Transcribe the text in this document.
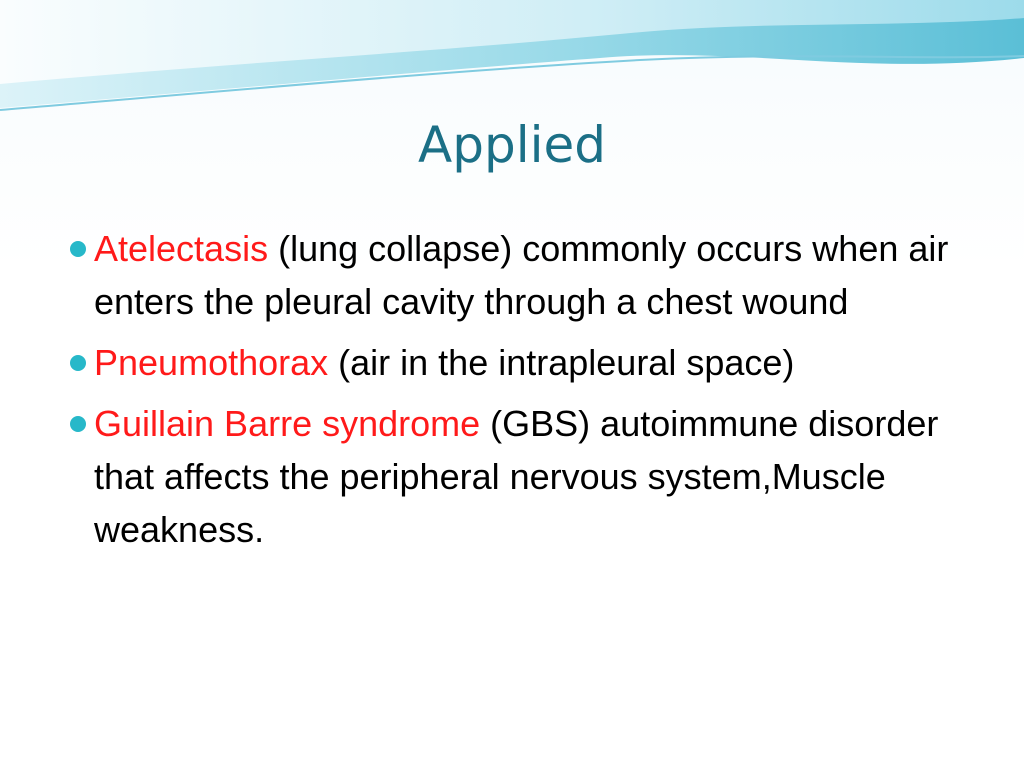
Applied
Atelectasis (lung collapse) commonly occurs when air enters the pleural cavity through a chest wound
Pneumothorax (air in the intrapleural space)
Guillain Barre syndrome (GBS) autoimmune disorder that affects the peripheral nervous system,Muscle weakness.
